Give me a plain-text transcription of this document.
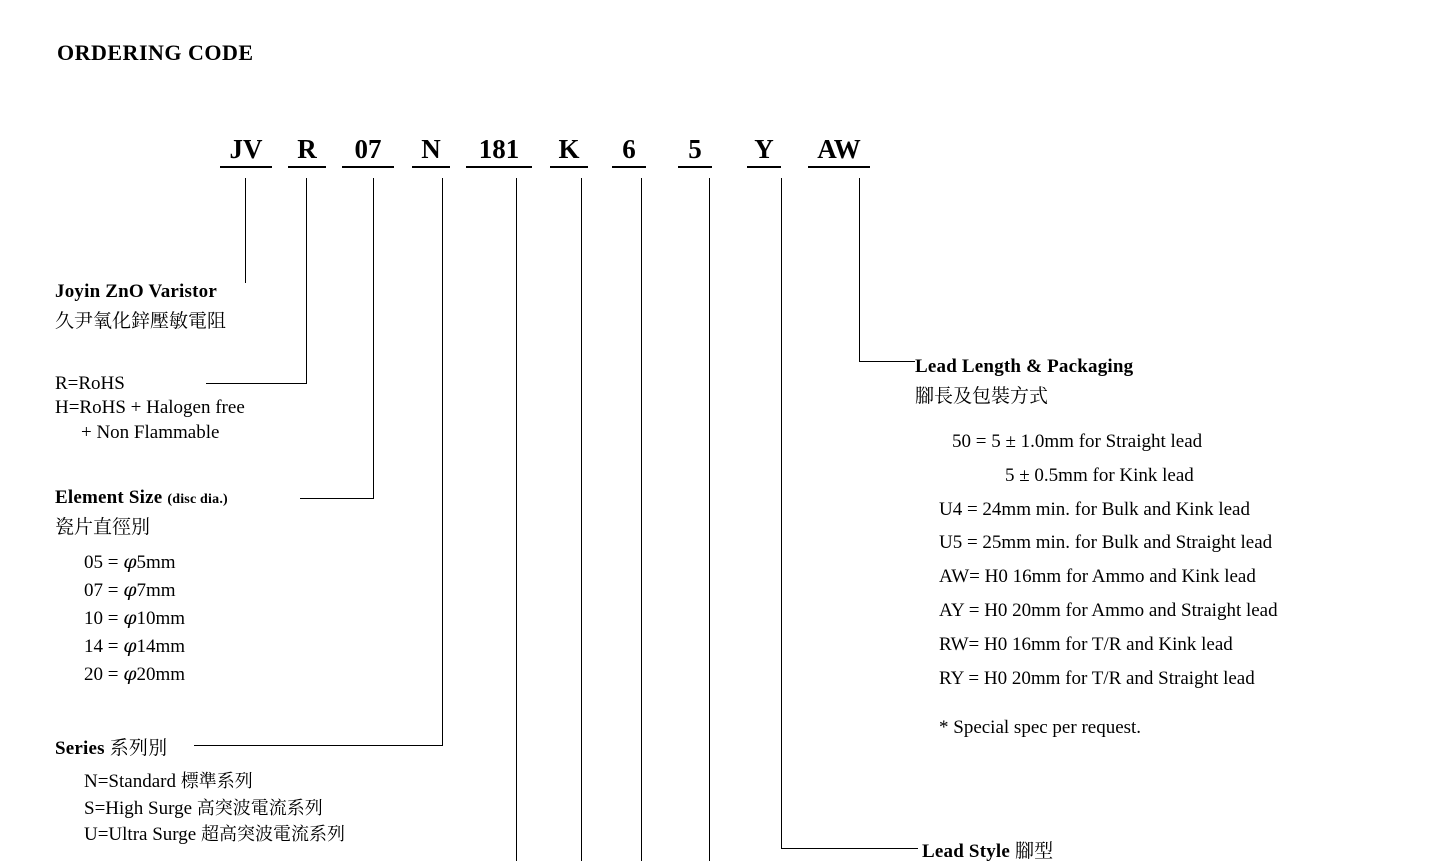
ORDERING CODE
JV	R	07	N	181	K	6	5	Y	AW
Joyin ZnO Varistor
久尹氧化鋅壓敏電阻
R=RoHS
H=RoHS + Halogen free
+ Non Flammable
Element Size (disc dia.)
瓷片直徑別
05 = φ5mm
07 = φ7mm
10 = φ10mm
14 = φ14mm
20 = φ20mm
Series 系列別
N=Standard 標準系列
S=High Surge 高突波電流系列
U=Ultra Surge 超高突波電流系列
Lead Length & Packaging
腳長及包裝方式
50 = 5 ± 1.0mm for Straight lead
5 ± 0.5mm for Kink lead
U4 = 24mm min. for Bulk and Kink lead
U5 = 25mm min. for Bulk and Straight lead
AW= H0 16mm for Ammo and Kink lead
AY = H0 20mm for Ammo and Straight lead
RW= H0 16mm for T/R and Kink lead
RY = H0 20mm for T/R and Straight lead
* Special spec per request.
Lead Style 腳型
